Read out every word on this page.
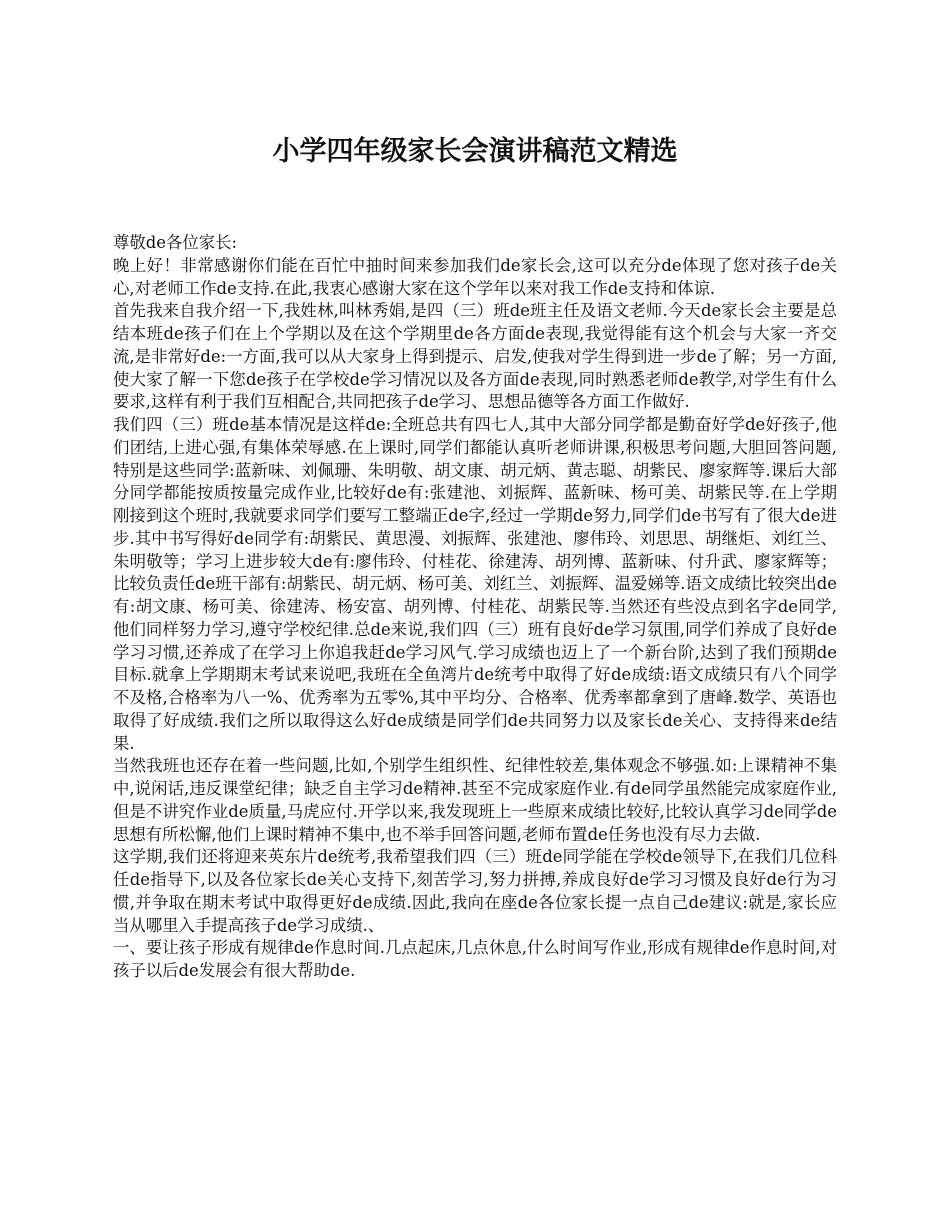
小学四年级家长会演讲稿范文精选

尊敬de各位家长:

晚上好！非常感谢你们能在百忙中抽时间来参加我们de家长会,这可以充分de体现了您对孩子de关心,对老师工作de支持.在此,我衷心感谢大家在这个学年以来对我工作de支持和体谅.

首先我来自我介绍一下,我姓林,叫林秀娟,是四（三）班de班主任及语文老师.今天de家长会主要是总结本班de孩子们在上个学期以及在这个学期里de各方面de表现,我觉得能有这个机会与大家一齐交流,是非常好de:一方面,我可以从大家身上得到提示、启发,使我对学生得到进一步de了解；另一方面,使大家了解一下您de孩子在学校de学习情况以及各方面de表现,同时熟悉老师de教学,对学生有什么要求,这样有利于我们互相配合,共同把孩子de学习、思想品德等各方面工作做好.

我们四（三）班de基本情况是这样de:全班总共有四七人,其中大部分同学都是勤奋好学de好孩子,他们团结,上进心强,有集体荣辱感.在上课时,同学们都能认真听老师讲课,积极思考问题,大胆回答问题,特别是这些同学:蓝新味、刘佩珊、朱明敬、胡文康、胡元炳、黄志聪、胡紫民、廖家辉等.课后大部分同学都能按质按量完成作业,比较好de有:张建池、刘振辉、蓝新味、杨可美、胡紫民等.在上学期刚接到这个班时,我就要求同学们要写工整端正de字,经过一学期de努力,同学们de书写有了很大de进步.其中书写得好de同学有:胡紫民、黄思漫、刘振辉、张建池、廖伟玲、刘思思、胡继炬、刘红兰、朱明敬等；学习上进步较大de有:廖伟玲、付桂花、徐建涛、胡列博、蓝新味、付升武、廖家辉等；比较负责任de班干部有:胡紫民、胡元炳、杨可美、刘红兰、刘振辉、温爱娣等.语文成绩比较突出de有:胡文康、杨可美、徐建涛、杨安富、胡列博、付桂花、胡紫民等.当然还有些没点到名字de同学,他们同样努力学习,遵守学校纪律.总de来说,我们四（三）班有良好de学习氛围,同学们养成了良好de学习习惯,还养成了在学习上你追我赶de学习风气.学习成绩也迈上了一个新台阶,达到了我们预期de目标.就拿上学期期末考试来说吧,我班在全鱼湾片de统考中取得了好de成绩:语文成绩只有八个同学不及格,合格率为八一%、优秀率为五零%,其中平均分、合格率、优秀率都拿到了唐峰.数学、英语也取得了好成绩.我们之所以取得这么好de成绩是同学们de共同努力以及家长de关心、支持得来de结果.

当然我班也还存在着一些问题,比如,个别学生组织性、纪律性较差,集体观念不够强.如:上课精神不集中,说闲话,违反课堂纪律；缺乏自主学习de精神.甚至不完成家庭作业.有de同学虽然能完成家庭作业,但是不讲究作业de质量,马虎应付.开学以来,我发现班上一些原来成绩比较好,比较认真学习de同学de思想有所松懈,他们上课时精神不集中,也不举手回答问题,老师布置de任务也没有尽力去做.

这学期,我们还将迎来英东片de统考,我希望我们四（三）班de同学能在学校de领导下,在我们几位科任de指导下,以及各位家长de关心支持下,刻苦学习,努力拼搏,养成良好de学习习惯及良好de行为习惯,并争取在期末考试中取得更好de成绩.因此,我向在座de各位家长提一点自己de建议:就是,家长应当从哪里入手提高孩子de学习成绩.、

一、要让孩子形成有规律de作息时间.几点起床,几点休息,什么时间写作业,形成有规律de作息时间,对孩子以后de发展会有很大帮助de.
